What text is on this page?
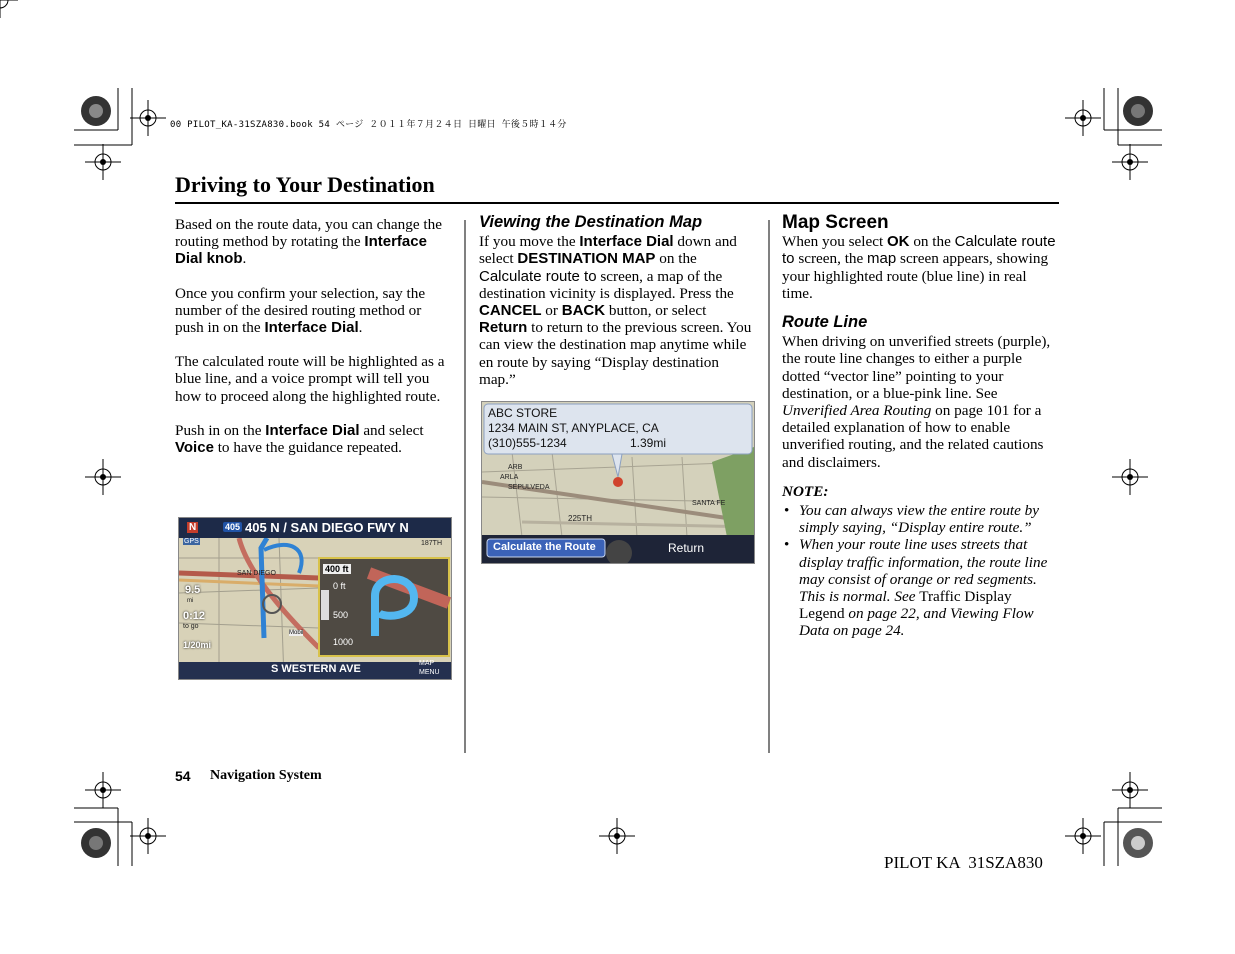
00 PILOT_KA-31SZA830.book 54 ページ ２０１１年７月２４日 日曜日 午後５時１４分
Driving to Your Destination

Based on the route data, you can change the routing method by rotating the Interface Dial knob.

Once you confirm your selection, say the number of the desired routing method or push in on the Interface Dial.

The calculated route will be highlighted as a blue line, and a voice prompt will tell you how to proceed along the highlighted route.

Push in on the Interface Dial and select Voice to have the guidance repeated.

405 405 N / SAN DIEGO FWY N
N
GPS	187TH
SAN DIEGO
9.5
mi
0:12
to go
1/20mi
Mobil
400 ft
0 ft
500
1000
S WESTERN AVE	MAP
MENU
Viewing the Destination Map

If you move the Interface Dial down and select DESTINATION MAP on the Calculate route to screen, a map of the destination vicinity is displayed. Press the CANCEL or BACK button, or select Return to return to the previous screen. You can view the destination map anytime while en route by saying “Display destination map.”

ABC STORE
1234 MAIN ST, ANYPLACE, CA
(310)555-1234	1.39mi
ARB
ARLA
SEPULVEDA
225TH
SANTA FE
Calculate the Route	Return
Map Screen

When you select OK on the Calculate route to screen, the map screen appears, showing your highlighted route (blue line) in real time.

Route Line

When driving on unverified streets (purple), the route line changes to either a purple dotted “vector line” pointing to your destination, or a blue-pink line. See Unverified Area Routing on page 101 for a detailed explanation of how to enable unverified routing, and the related cautions and disclaimers.

NOTE:
• You can always view the entire route by simply saying, “Display entire route.”
• When your route line uses streets that display traffic information, the route line may consist of orange or red segments. This is normal. See Traffic Display Legend on page 22, and Viewing Flow Data on page 24.
54 Navigation System
PILOT KA  31SZA830
